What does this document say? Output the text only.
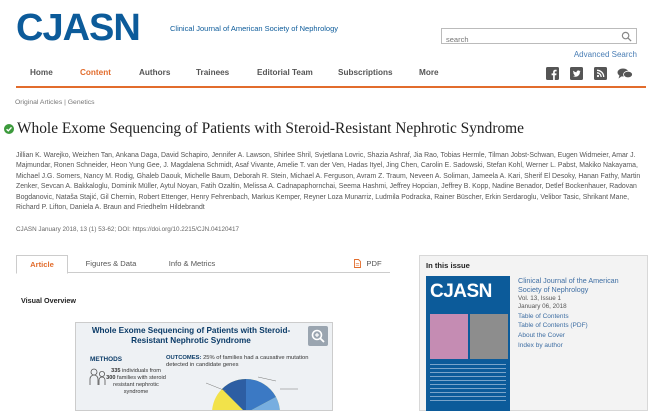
CJASN	Clinical Journal of American Society of Nephrology
search
Advanced Search
Home	Content	Authors	Trainees	Editorial Team	Subscriptions	More
Original Articles | Genetics
Whole Exome Sequencing of Patients with Steroid-Resistant Nephrotic Syndrome
Jillian K. Warejko, Weizhen Tan, Ankana Daga, David Schapiro, Jennifer A. Lawson, Shirlee Shril, Svjetlana Lovric, Shazia Ashraf, Jia Rao, Tobias Hermle, Tilman Jobst-Schwan, Eugen Widmeier, Amar J. Majmundar, Ronen Schneider, Heon Yung Gee, J. Magdalena Schmidt, Asaf Vivante, Amelie T. van der Ven, Hadas Ityel, Jing Chen, Carolin E. Sadowski, Stefan Kohl, Werner L. Pabst, Makiko Nakayama, Michael J.G. Somers, Nancy M. Rodig, Ghaleb Daouk, Michelle Baum, Deborah R. Stein, Michael A. Ferguson, Avram Z. Traum, Neveen A. Soliman, Jameela A. Kari, Sherif El Desoky, Hanan Fathy, Martin Zenker, Sevcan A. Bakkaloglu, Dominik Müller, Aytul Noyan, Fatih Ozaltin, Melissa A. Cadnapaphornchai, Seema Hashmi, Jeffrey Hopcian, Jeffrey B. Kopp, Nadine Benador, Detlef Bockenhauer, Radovan Bogdanovic, Nataša Stajić, Gil Chernin, Robert Ettenger, Henry Fehrenbach, Markus Kemper, Reyner Loza Munarriz, Ludmila Podracka, Rainer Büscher, Erkin Serdaroglu, Velibor Tasic, Shrikant Mane, Richard P. Lifton, Daniela A. Braun and Friedhelm Hildebrandt
CJASN January 2018, 13 (1) 53-62; DOI: https://doi.org/10.2215/CJN.04120417
Article	Figures & Data	Info & Metrics	PDF
Visual Overview
Whole Exome Sequencing of Patients with Steroid-Resistant Nephrotic Syndrome
METHODS
335 individuals from 300 families with steroid resistant nephrotic syndrome
OUTCOMES: 25% of families had a causative mutation detected in candidate genes
In this issue
CJASN
Clinical Journal of the American Society of Nephrology
Vol. 13, Issue 1
January 06, 2018
Table of Contents
Table of Contents (PDF)
About the Cover
Index by author
